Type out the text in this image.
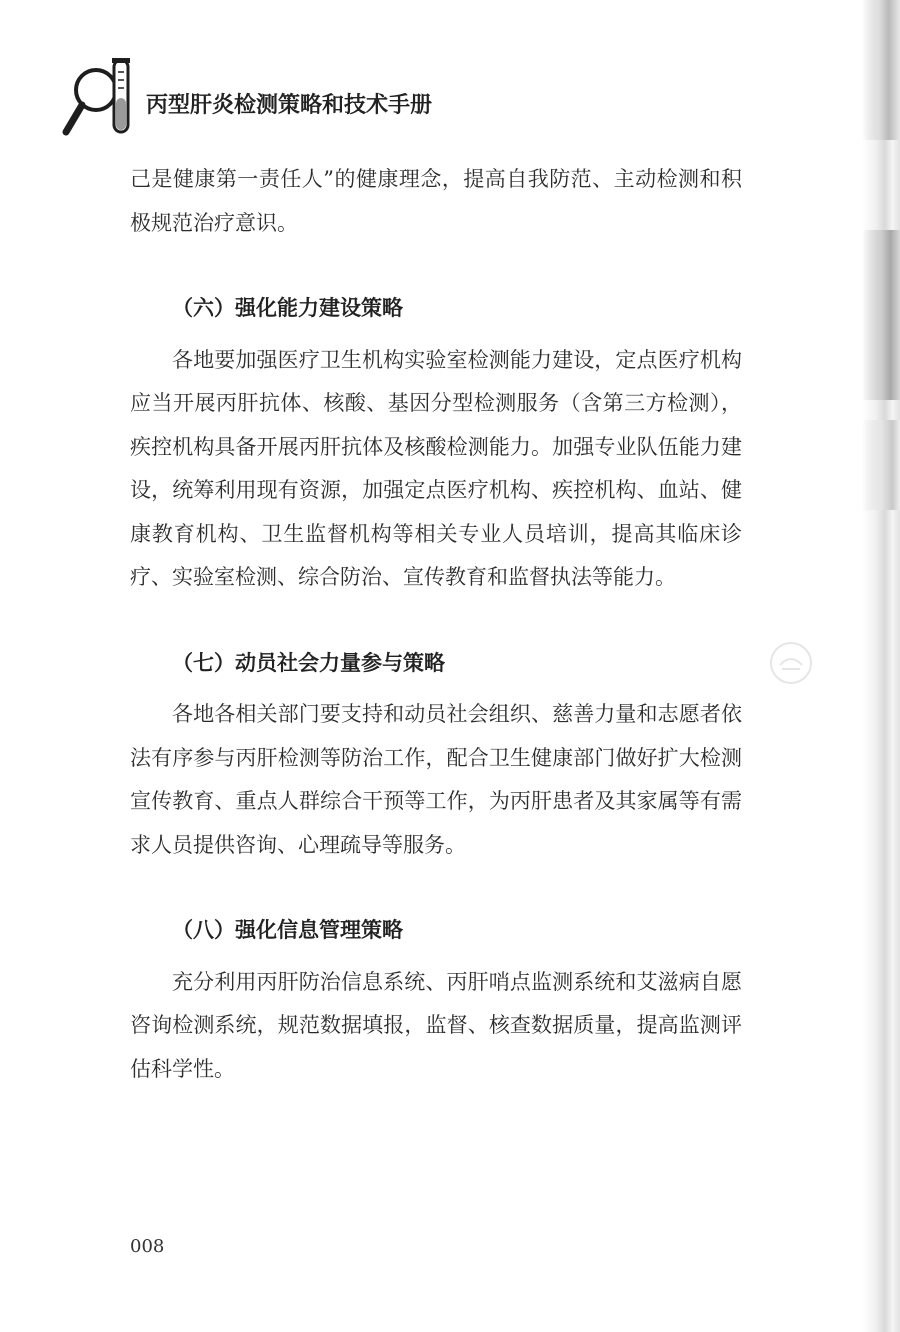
丙型肝炎检测策略和技术手册

己是健康第一责任人”的健康理念，提高自我防范、主动检测和积极规范治疗意识。

（六）强化能力建设策略

各地要加强医疗卫生机构实验室检测能力建设，定点医疗机构应当开展丙肝抗体、核酸、基因分型检测服务（含第三方检测），疾控机构具备开展丙肝抗体及核酸检测能力。加强专业队伍能力建设，统筹利用现有资源，加强定点医疗机构、疾控机构、血站、健康教育机构、卫生监督机构等相关专业人员培训，提高其临床诊疗、实验室检测、综合防治、宣传教育和监督执法等能力。

（七）动员社会力量参与策略

各地各相关部门要支持和动员社会组织、慈善力量和志愿者依法有序参与丙肝检测等防治工作，配合卫生健康部门做好扩大检测宣传教育、重点人群综合干预等工作，为丙肝患者及其家属等有需求人员提供咨询、心理疏导等服务。

（八）强化信息管理策略

充分利用丙肝防治信息系统、丙肝哨点监测系统和艾滋病自愿咨询检测系统，规范数据填报，监督、核查数据质量，提高监测评估科学性。

008
